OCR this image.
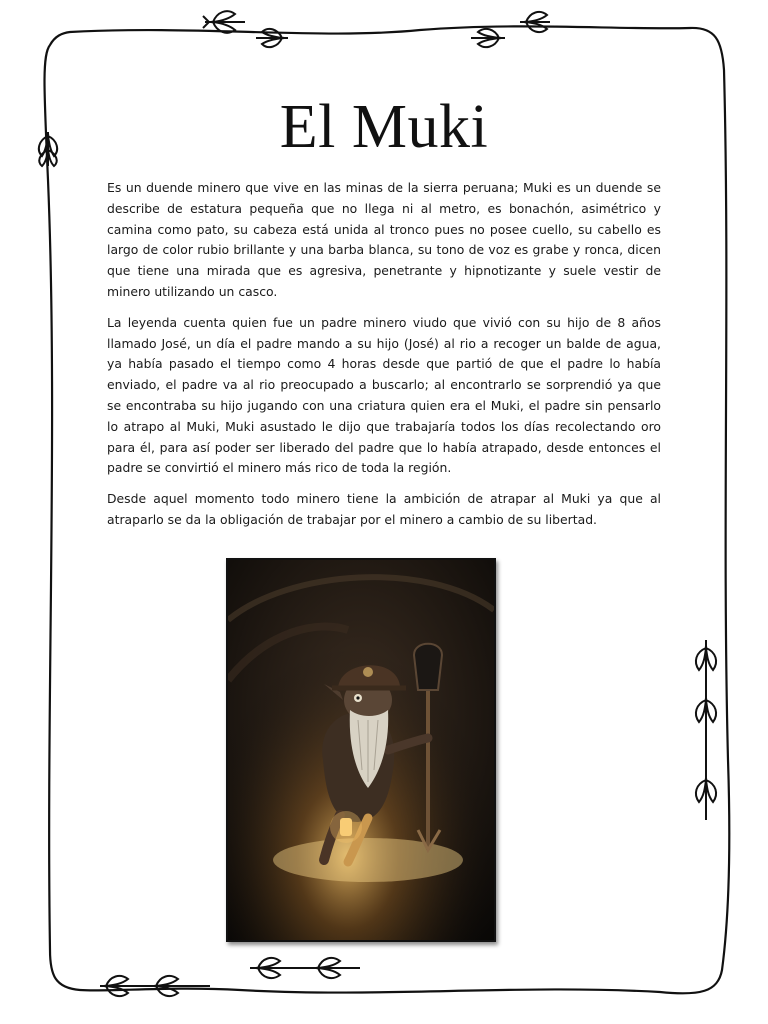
El Muki

Es un duende minero que vive en las minas de la sierra peruana; Muki es un duende se describe de estatura pequeña que no llega ni al metro, es bonachón, asimétrico y camina como pato, su cabeza está unida al tronco pues no posee cuello, su cabello es largo de color rubio brillante y una barba blanca, su tono de voz es grabe y ronca, dicen que tiene una mirada que es agresiva, penetrante y hipnotizante y suele vestir de minero utilizando un casco.

La leyenda cuenta quien fue un padre minero viudo que vivió con su hijo de 8 años llamado José, un día el padre mando a su hijo (José) al rio a recoger un balde de agua, ya había pasado el tiempo como 4 horas desde que partió de que el padre lo había enviado, el padre va al rio preocupado a buscarlo; al encontrarlo se sorprendió ya que se encontraba su hijo jugando con una criatura quien era el Muki, el padre sin pensarlo lo atrapo al Muki, Muki asustado le dijo que trabajaría todos los días recolectando oro para él, para así poder ser liberado del padre que lo había atrapado, desde entonces el padre se convirtió el minero más rico de toda la región.

Desde aquel momento todo minero tiene la ambición de atrapar al Muki ya que al atraparlo se da la obligación de trabajar por el minero a cambio de su libertad.
